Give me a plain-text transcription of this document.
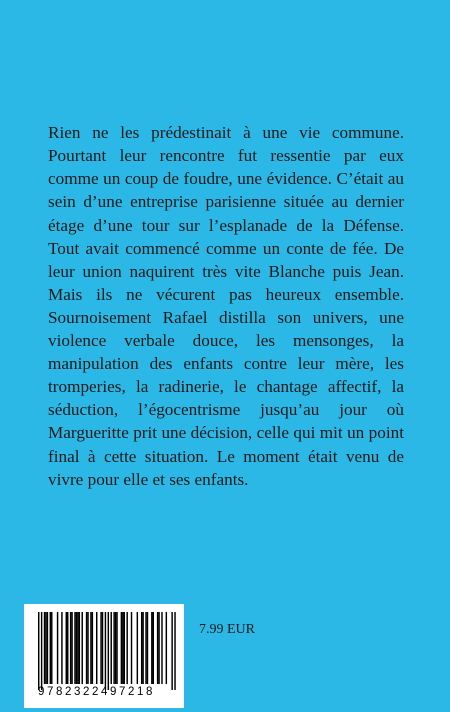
Rien ne les prédestinait à une vie commune. Pourtant leur rencontre fut ressentie par eux comme un coup de foudre, une évidence. C’était au sein d’une entreprise parisienne située au dernier étage d’une tour sur l’esplanade de la Défense. Tout avait commencé comme un conte de fée. De leur union naquirent très vite Blanche puis Jean. Mais ils ne vécurent pas heureux ensemble. Sournoisement Rafael distilla son univers, une violence verbale douce, les mensonges, la manipulation des enfants contre leur mère, les tromperies, la radinerie, le chantage affectif, la séduction, l’égocentrisme jusqu’au jour où Margueritte prit une décision, celle qui mit un point final à cette situation. Le moment était venu de vivre pour elle et ses enfants.

9782322497218
7.99 EUR
